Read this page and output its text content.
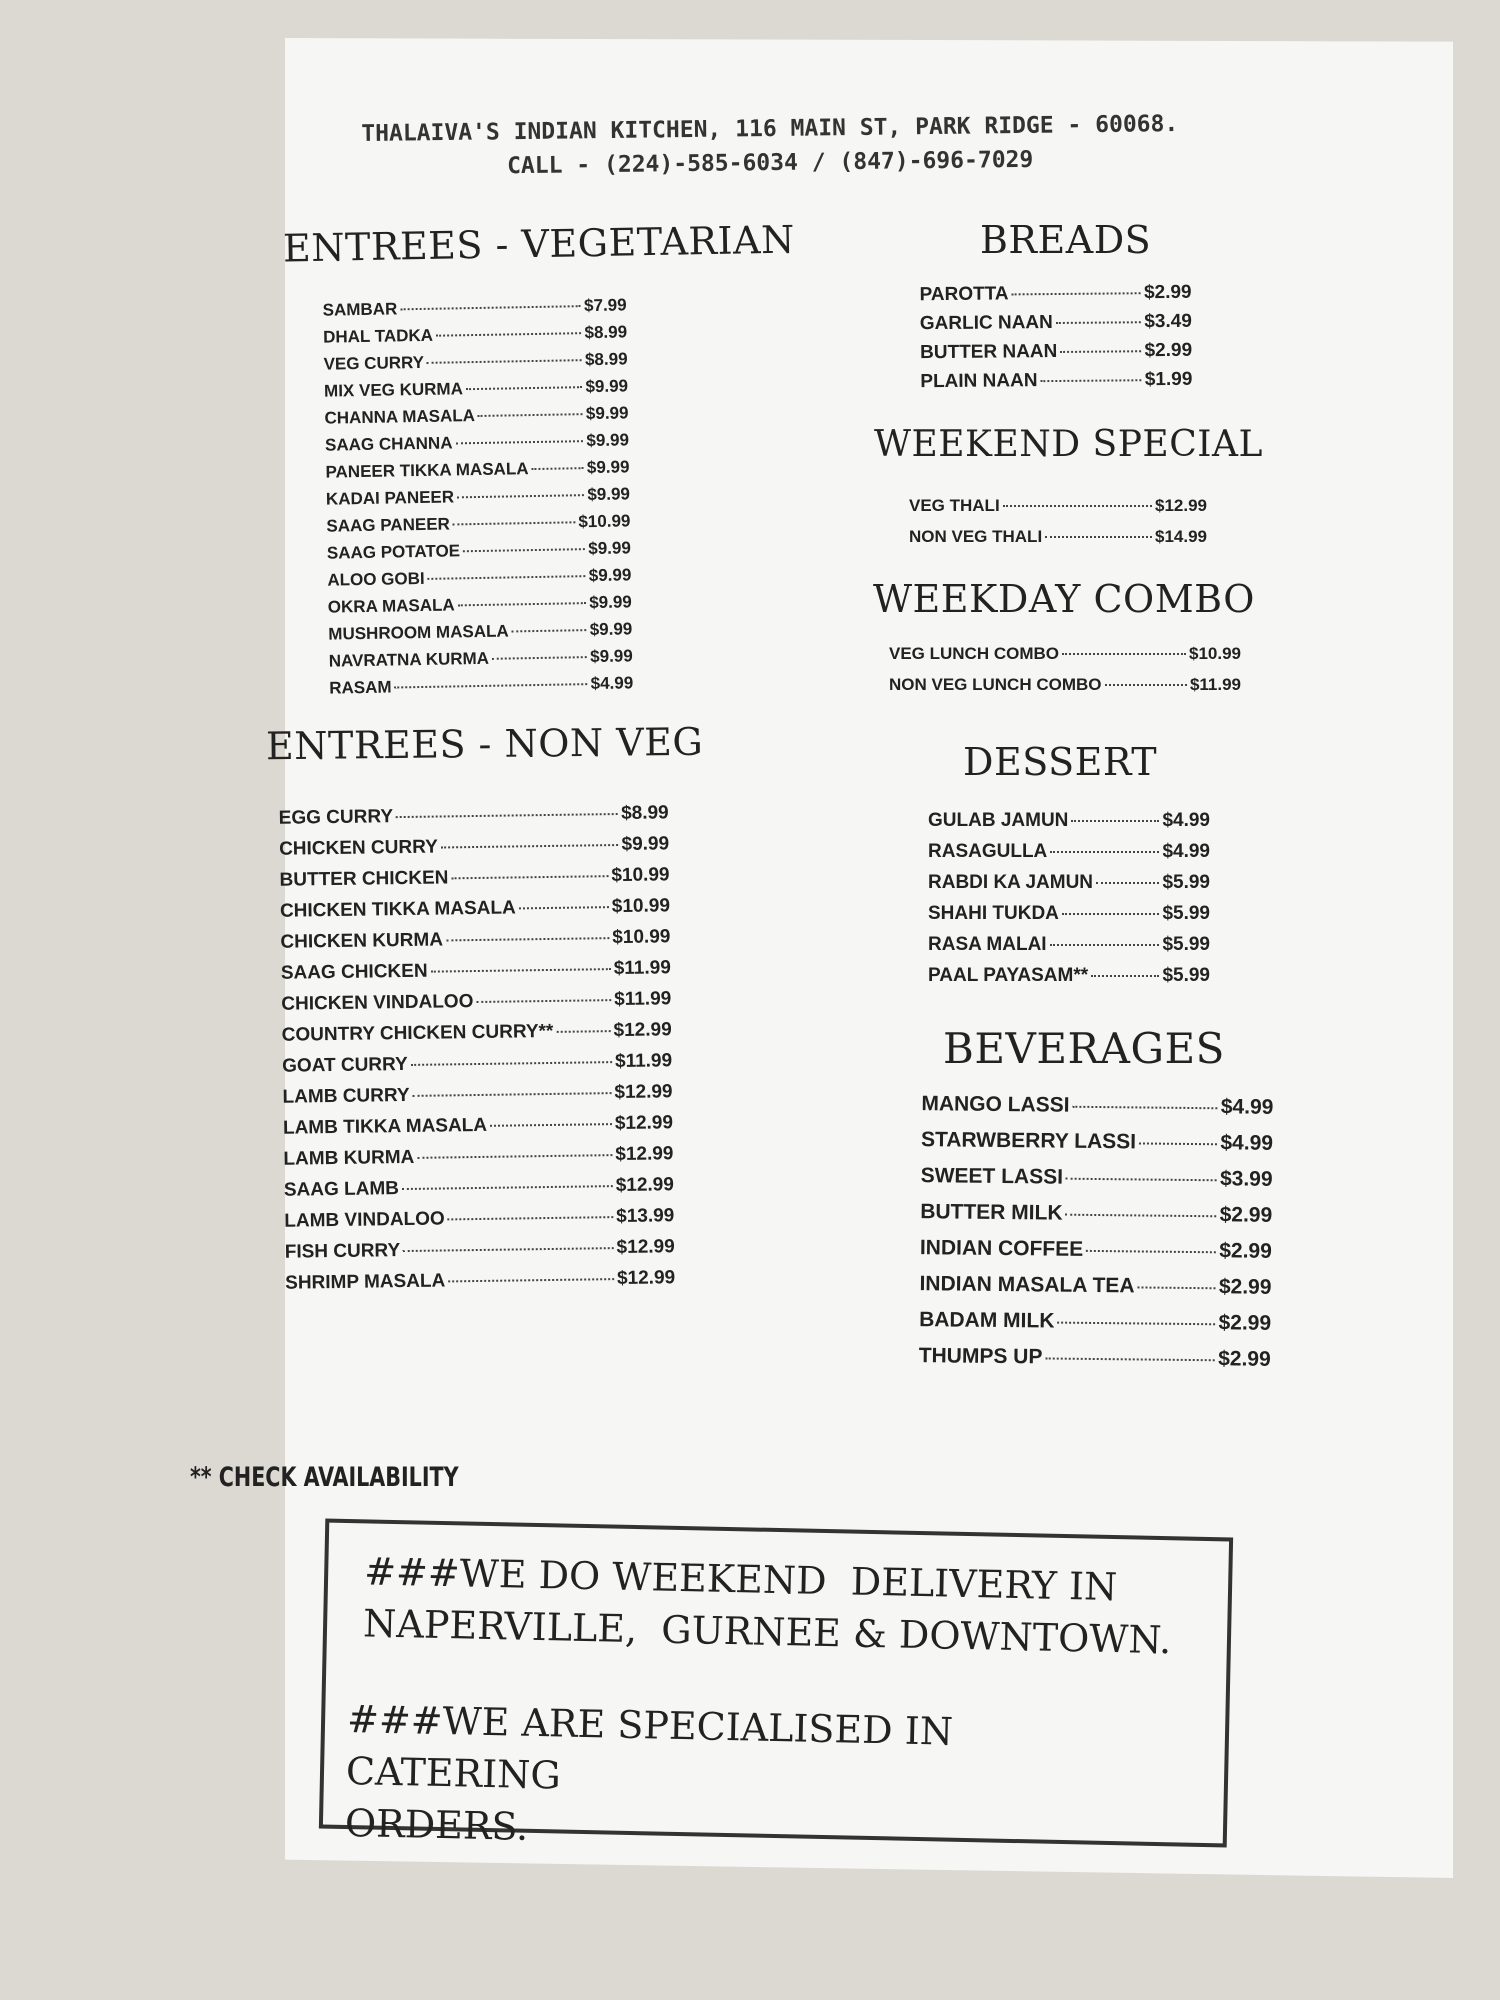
THALAIVA'S INDIAN KITCHEN, 116 MAIN ST, PARK RIDGE - 60068.
CALL - (224)-585-6034 / (847)-696-7029
ENTREES - VEGETARIAN
SAMBAR	$7.99
DHAL TADKA	$8.99
VEG CURRY	$8.99
MIX VEG KURMA	$9.99
CHANNA MASALA	$9.99
SAAG CHANNA	$9.99
PANEER TIKKA MASALA	$9.99
KADAI PANEER	$9.99
SAAG PANEER	$10.99
SAAG POTATOE	$9.99
ALOO GOBI	$9.99
OKRA MASALA	$9.99
MUSHROOM MASALA	$9.99
NAVRATNA KURMA	$9.99
RASAM	$4.99
ENTREES - NON VEG
EGG CURRY	$8.99
CHICKEN CURRY	$9.99
BUTTER CHICKEN	$10.99
CHICKEN TIKKA MASALA	$10.99
CHICKEN KURMA	$10.99
SAAG CHICKEN	$11.99
CHICKEN VINDALOO	$11.99
COUNTRY CHICKEN CURRY**	$12.99
GOAT CURRY	$11.99
LAMB CURRY	$12.99
LAMB TIKKA MASALA	$12.99
LAMB KURMA	$12.99
SAAG LAMB	$12.99
LAMB VINDALOO	$13.99
FISH CURRY	$12.99
SHRIMP MASALA	$12.99
BREADS
PAROTTA	$2.99
GARLIC NAAN	$3.49
BUTTER NAAN	$2.99
PLAIN NAAN	$1.99
WEEKEND SPECIAL
VEG THALI	$12.99
NON VEG THALI	$14.99
WEEKDAY COMBO
VEG LUNCH COMBO	$10.99
NON VEG LUNCH COMBO	$11.99
DESSERT
GULAB JAMUN	$4.99
RASAGULLA	$4.99
RABDI KA JAMUN	$5.99
SHAHI TUKDA	$5.99
RASA MALAI	$5.99
PAAL PAYASAM**	$5.99
BEVERAGES
MANGO LASSI	$4.99
STARWBERRY LASSI	$4.99
SWEET LASSI	$3.99
BUTTER MILK	$2.99
INDIAN COFFEE	$2.99
INDIAN MASALA TEA	$2.99
BADAM MILK	$2.99
THUMPS UP	$2.99
** CHECK AVAILABILITY
###WE DO WEEKEND  DELIVERY IN
NAPERVILLE,  GURNEE & DOWNTOWN.
###WE ARE SPECIALISED IN CATERING
ORDERS.
